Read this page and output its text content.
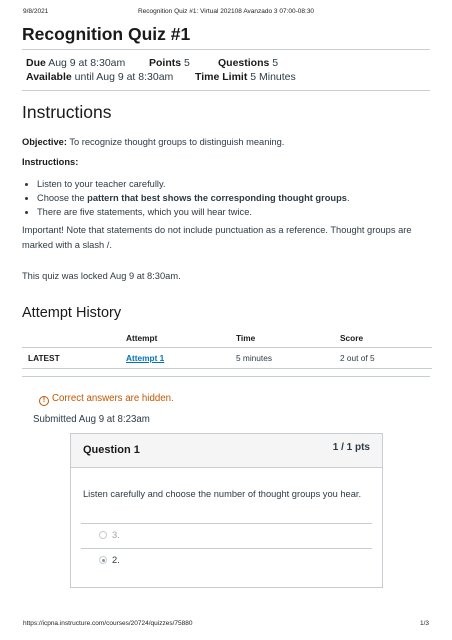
9/8/2021	Recognition Quiz #1: Virtual 202108 Avanzado 3 07:00-08:30
Recognition Quiz #1
Due Aug 9 at 8:30am Points 5	Questions 5
Available until Aug 9 at 8:30am Time Limit 5 Minutes
Instructions
Objective: To recognize thought groups to distinguish meaning.
Instructions:
• Listen to your teacher carefully.
• Choose the pattern that best shows the corresponding thought groups.
• There are five statements, which you will hear twice.
Important! Note that statements do not include punctuation as a reference. Thought groups are marked with a slash /.
This quiz was locked Aug 9 at 8:30am.
Attempt History
	Attempt	Time	Score
LATEST	Attempt 1	5 minutes	2 out of 5
! Correct answers are hidden.
Submitted Aug 9 at 8:23am
Question 1	1 / 1 pts
Listen carefully and choose the number of thought groups you hear.
3.
2.
https://icpna.instructure.com/courses/20724/quizzes/75880	1/3
